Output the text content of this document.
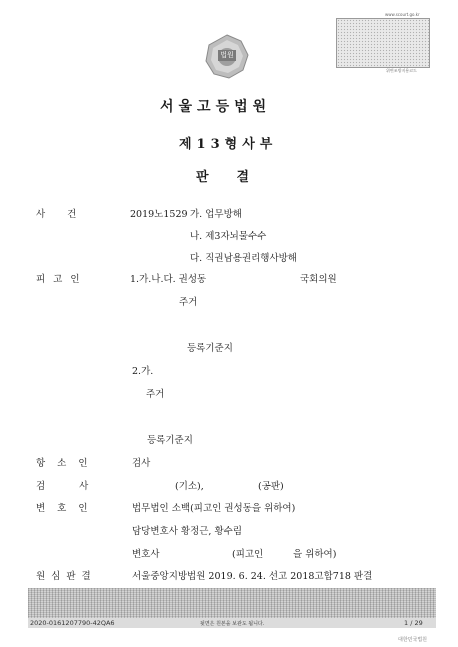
www.scourt.go.kr
위변조방지용코드
법원
서울고등법원
제13형사부
판결
사건	2019노1529 가. 업무방해
나. 제3자뇌물수수
다. 직권남용권리행사방해
피고인	1.가.나.다. 권성동	국회의원
주거
등록기준지
2.가.
주거
등록기준지
항소인	검사
검사	(기소),	(공판)
변호인	법무법인 소백(피고인 권성동을 위하여)
담당변호사 황정근, 황수림
변호사	(피고인	을 위하여)
원심판결	서울중앙지방법원 2019. 6. 24. 선고 2018고합718 판결
2020-0161207790-42QA6	뒷면은 원본을 보관도 됩니다.	1 / 29
대한민국법원
